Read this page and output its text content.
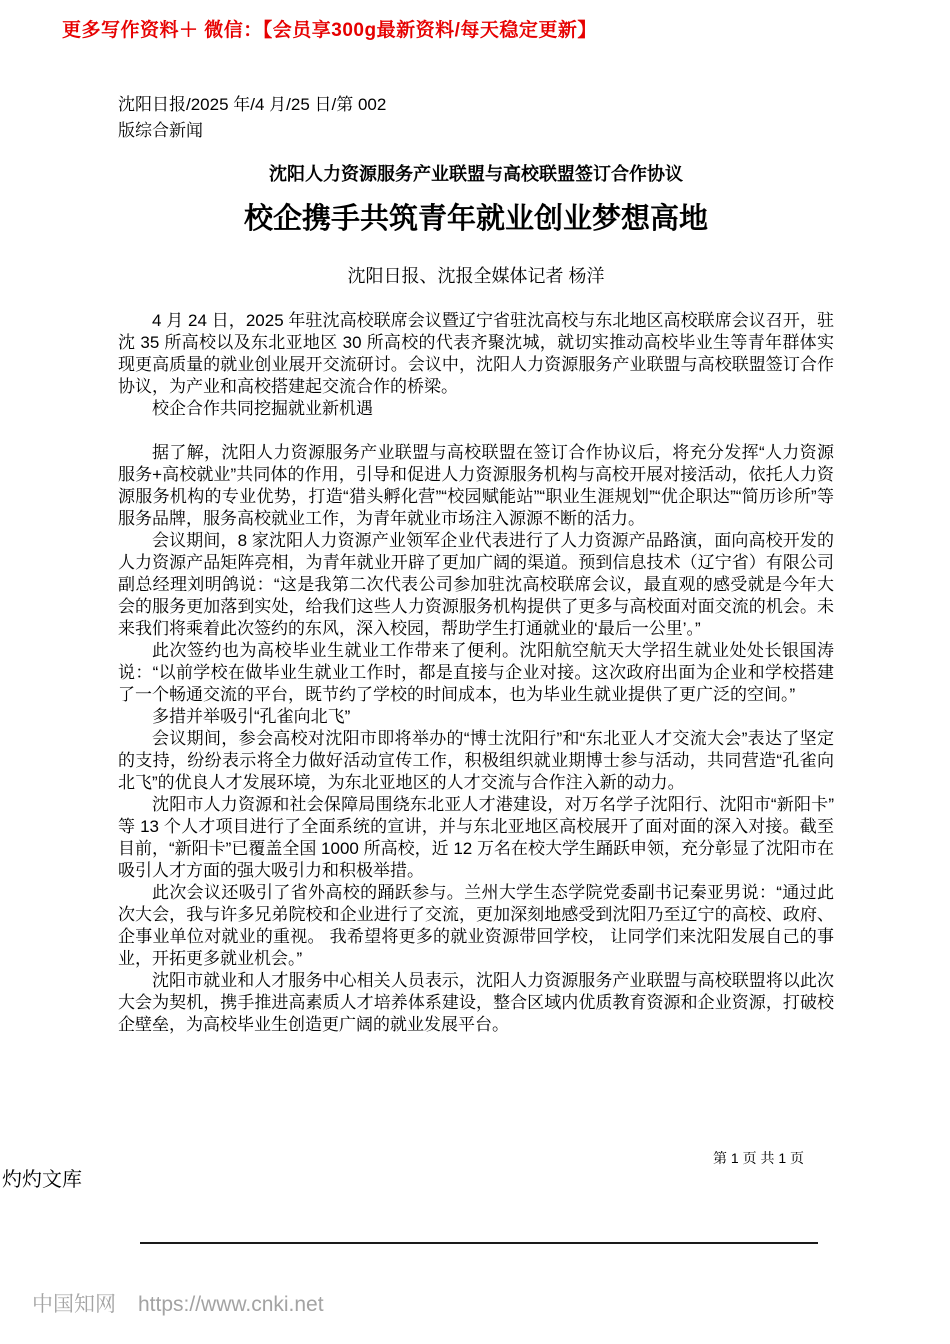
更多写作资料＋ 微信：【会员享300g最新资料/每天稳定更新】
沈阳日报/2025 年/4 月/25 日/第 002
版综合新闻
沈阳人力资源服务产业联盟与高校联盟签订合作协议
校企携手共筑青年就业创业梦想高地
沈阳日报、沈报全媒体记者 杨洋

4 月 24 日，2025 年驻沈高校联席会议暨辽宁省驻沈高校与东北地区高校联席会议召开，驻沈 35 所高校以及东北亚地区 30 所高校的代表齐聚沈城，就切实推动高校毕业生等青年群体实现更高质量的就业创业展开交流研讨。会议中，沈阳人力资源服务产业联盟与高校联盟签订合作协议，为产业和高校搭建起交流合作的桥梁。

校企合作共同挖掘就业新机遇

据了解，沈阳人力资源服务产业联盟与高校联盟在签订合作协议后，将充分发挥“人力资源服务+高校就业”共同体的作用，引导和促进人力资源服务机构与高校开展对接活动，依托人力资源服务机构的专业优势，打造“猎头孵化营”“校园赋能站”“职业生涯规划”“优企职达”“简历诊所”等服务品牌，服务高校就业工作，为青年就业市场注入源源不断的活力。

会议期间，8 家沈阳人力资源产业领军企业代表进行了人力资源产品路演，面向高校开发的人力资源产品矩阵亮相，为青年就业开辟了更加广阔的渠道。预到信息技术（辽宁省）有限公司副总经理刘明鸽说：“这是我第二次代表公司参加驻沈高校联席会议，最直观的感受就是今年大会的服务更加落到实处，给我们这些人力资源服务机构提供了更多与高校面对面交流的机会。未来我们将乘着此次签约的东风，深入校园，帮助学生打通就业的‘最后一公里’。”

此次签约也为高校毕业生就业工作带来了便利。沈阳航空航天大学招生就业处处长银国涛说：“以前学校在做毕业生就业工作时，都是直接与企业对接。这次政府出面为企业和学校搭建了一个畅通交流的平台，既节约了学校的时间成本，也为毕业生就业提供了更广泛的空间。”

多措并举吸引“孔雀向北飞”

会议期间，参会高校对沈阳市即将举办的“博士沈阳行”和“东北亚人才交流大会”表达了坚定的支持，纷纷表示将全力做好活动宣传工作，积极组织就业期博士参与活动，共同营造“孔雀向北飞”的优良人才发展环境，为东北亚地区的人才交流与合作注入新的动力。

沈阳市人力资源和社会保障局围绕东北亚人才港建设，对万名学子沈阳行、沈阳市“新阳卡”等 13 个人才项目进行了全面系统的宣讲，并与东北亚地区高校展开了面对面的深入对接。截至目前，“新阳卡”已覆盖全国 1000 所高校，近 12 万名在校大学生踊跃申领，充分彰显了沈阳市在吸引人才方面的强大吸引力和积极举措。

此次会议还吸引了省外高校的踊跃参与。兰州大学生态学院党委副书记秦亚男说：“通过此次大会，我与许多兄弟院校和企业进行了交流，更加深刻地感受到沈阳乃至辽宁的高校、政府、企事业单位对就业的重视。 我希望将更多的就业资源带回学校， 让同学们来沈阳发展自己的事业，开拓更多就业机会。”

沈阳市就业和人才服务中心相关人员表示，沈阳人力资源服务产业联盟与高校联盟将以此次大会为契机，携手推进高素质人才培养体系建设，整合区域内优质教育资源和企业资源，打破校企壁垒，为高校毕业生创造更广阔的就业发展平台。

第 1 页 共 1 页
灼灼文库
中国知网 https://www.cnki.net
